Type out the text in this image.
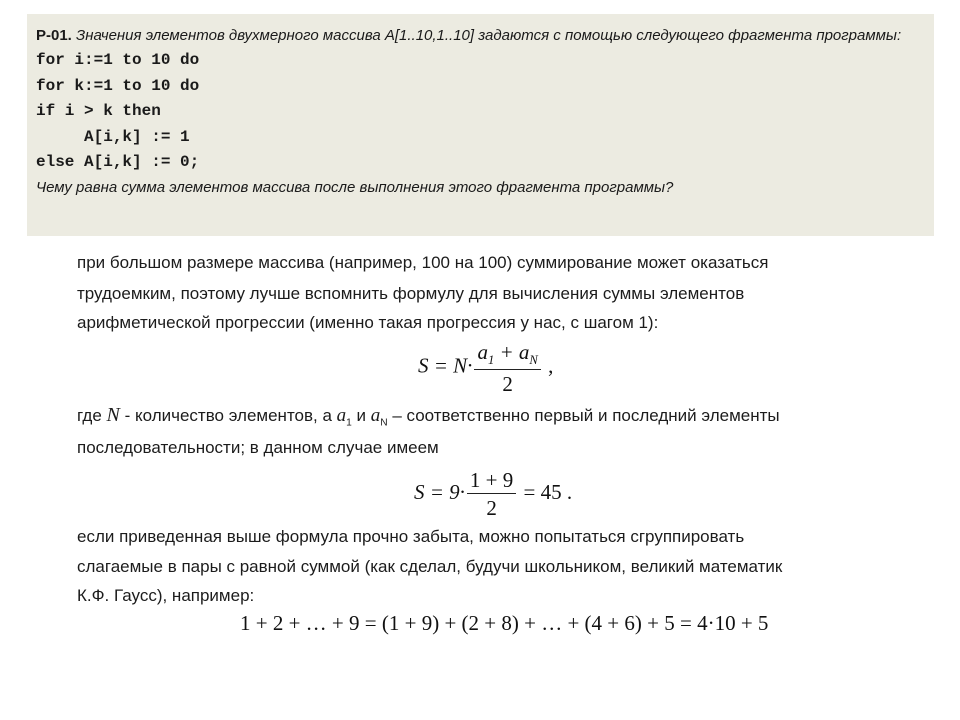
Р-01. Значения элементов двухмерного массива A[1..10,1..10] задаются с помощью следующего фрагмента программы:

for i:=1 to 10 do

for k:=1 to 10 do

if i > k then

A[i,k] := 1

else A[i,k] := 0;

Чему равна сумма элементов массива после выполнения этого фрагмента программы?

при большом размере массива (например, 100 на 100) суммирование может оказаться

трудоемким, поэтому лучше вспомнить формулу для вычисления суммы элементов

арифметической прогрессии (именно такая прогрессия у нас, с шагом 1):

$S = N\cdot \frac{a_1 + a_N}{2}$ ,

где N - количество элементов, а $a_1$ и $a_N$ – соответственно первый и последний элементы

последовательности; в данном случае имеем

$S = 9\cdot \frac{1 + 9}{2} = 45$ .

если приведенная выше формула прочно забыта, можно попытаться сгруппировать

слагаемые в пары с равной суммой (как сделал, будучи школьником, великий математик

К.Ф. Гаусс), например:

1 + 2 + … + 9 = (1 + 9) + (2 + 8) + … + (4 + 6) + 5 = 4·10 + 5
